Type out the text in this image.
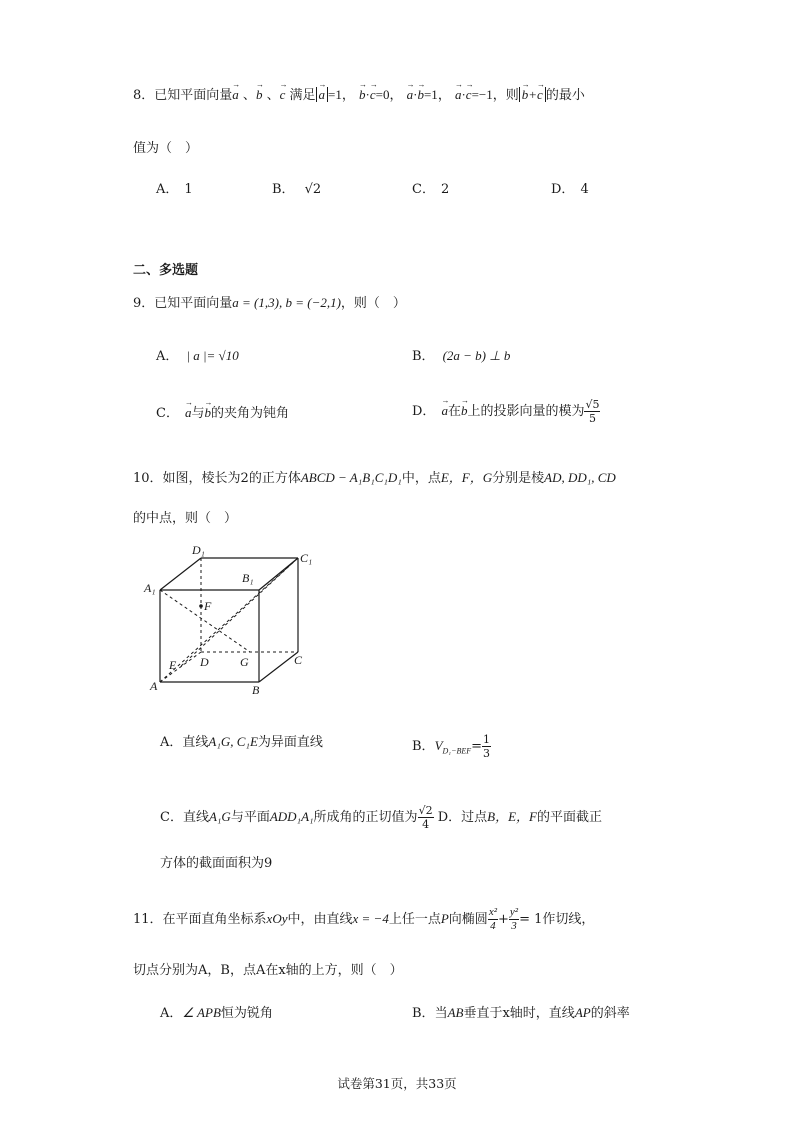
8．已知平面向量→ a 、→ b 、→ c 满足 → a =1， → b·→ c=0， → a·→ b=1， → a·→ c=−1，则 → b+→ c 的最小
值为（　）
A． 1	B． √2	C． 2	D． 4
二、多选题
9．已知平面向量a = (1,3), b = (−2,1)，则（　）
A． | a |= √10	B． (2a − b) ⊥ b
C． → a与→ b的夹角为钝角	D． → a在→ b上的投影向量的模为 $\frac{√5}{5}$
10．如图，棱长为2的正方体ABCD − A₁B₁C₁D₁中，点E，F，G分别是棱AD, DD₁, CD
的中点，则（　）
D₁
C₁
A₁
B₁
F
E D	G	C
A	B
A．直线A₁G, C₁E为异面直线	B．$V_{D_1-BEF}= \frac{1}{3}$
C．直线A₁G与平面ADD₁A₁所成角的正切值为 $\frac{√2}{4}$ D．过点B，E，F的平面截正
方体的截面面积为9
11．在平面直角坐标系xOy中，由直线x = −4上任一点P向椭圆 $\frac{\text{x²}}{4} + \frac{\text{y²}}{3} = 1$作切线，
切点分别为A，B，点A在x轴的上方，则（　）
A．∠ APB恒为锐角	B．当AB垂直于x轴时，直线AP的斜率
试卷第31页，共33页
